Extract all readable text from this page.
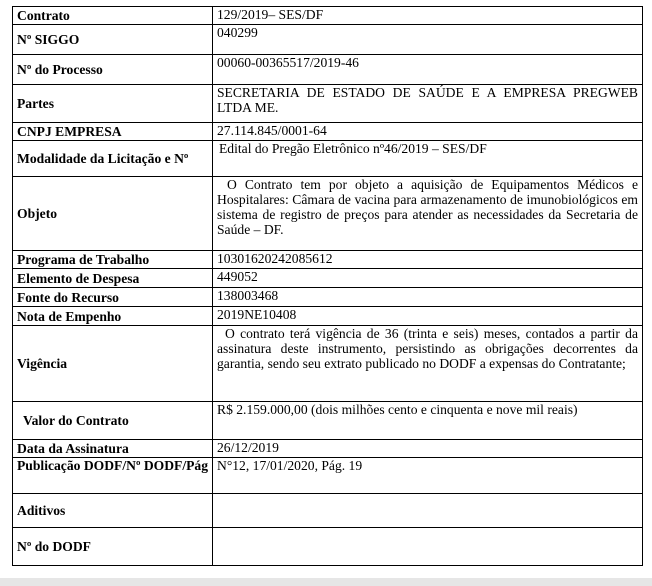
Contrato	129/2019– SES/DF
Nº SIGGO	040299
Nº do Processo	00060-00365517/2019-46
Partes	SECRETARIA DE ESTADO DE SAÚDE E A EMPRESA PREGWEB LTDA ME.
CNPJ EMPRESA	27.114.845/0001-64
Modalidade da Licitação e Nº	Edital do Pregão Eletrônico nº46/2019 – SES/DF
Objeto	O Contrato tem por objeto a aquisição de Equipamentos Médicos e Hospitalares: Câmara de vacina para armazenamento de imunobiológicos em sistema de registro de preços para atender as necessidades da Secretaria de Saúde – DF.
Programa de Trabalho	10301620242085612
Elemento de Despesa	449052
Fonte do Recurso	138003468
Nota de Empenho	2019NE10408
Vigência	O contrato terá vigência de 36 (trinta e seis) meses, contados a partir da assinatura deste instrumento, persistindo as obrigações decorrentes da garantia, sendo seu extrato publicado no DODF a expensas do Contratante;
Valor do Contrato	R$ 2.159.000,00 (dois milhões cento e cinquenta e nove mil reais)
Data da Assinatura	26/12/2019
Publicação DODF/Nº DODF/Pág	N°12, 17/01/2020, Pág. 19
Aditivos	
Nº do DODF	
